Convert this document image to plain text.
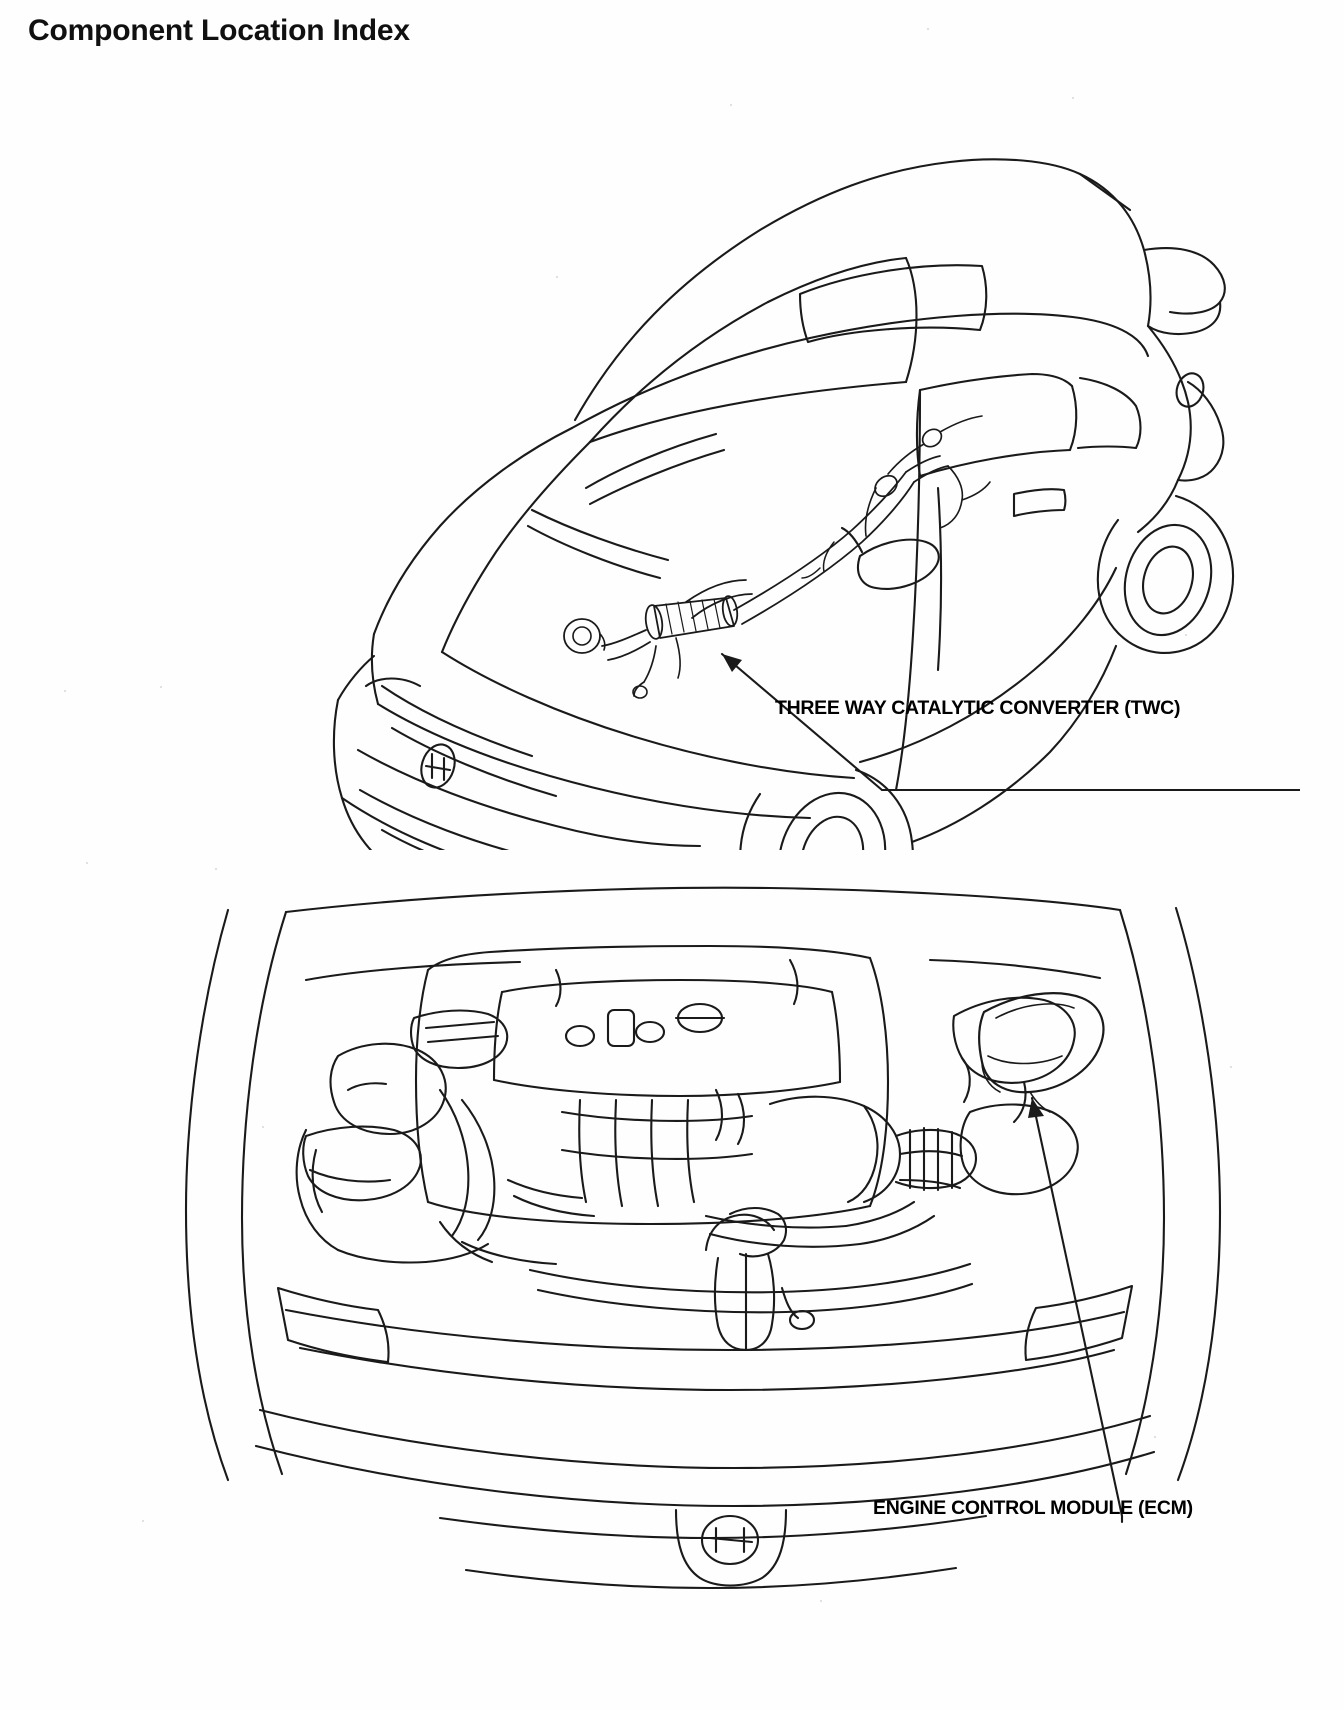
Component Location Index
THREE WAY CATALYTIC CONVERTER (TWC)
ENGINE CONTROL MODULE (ECM)
